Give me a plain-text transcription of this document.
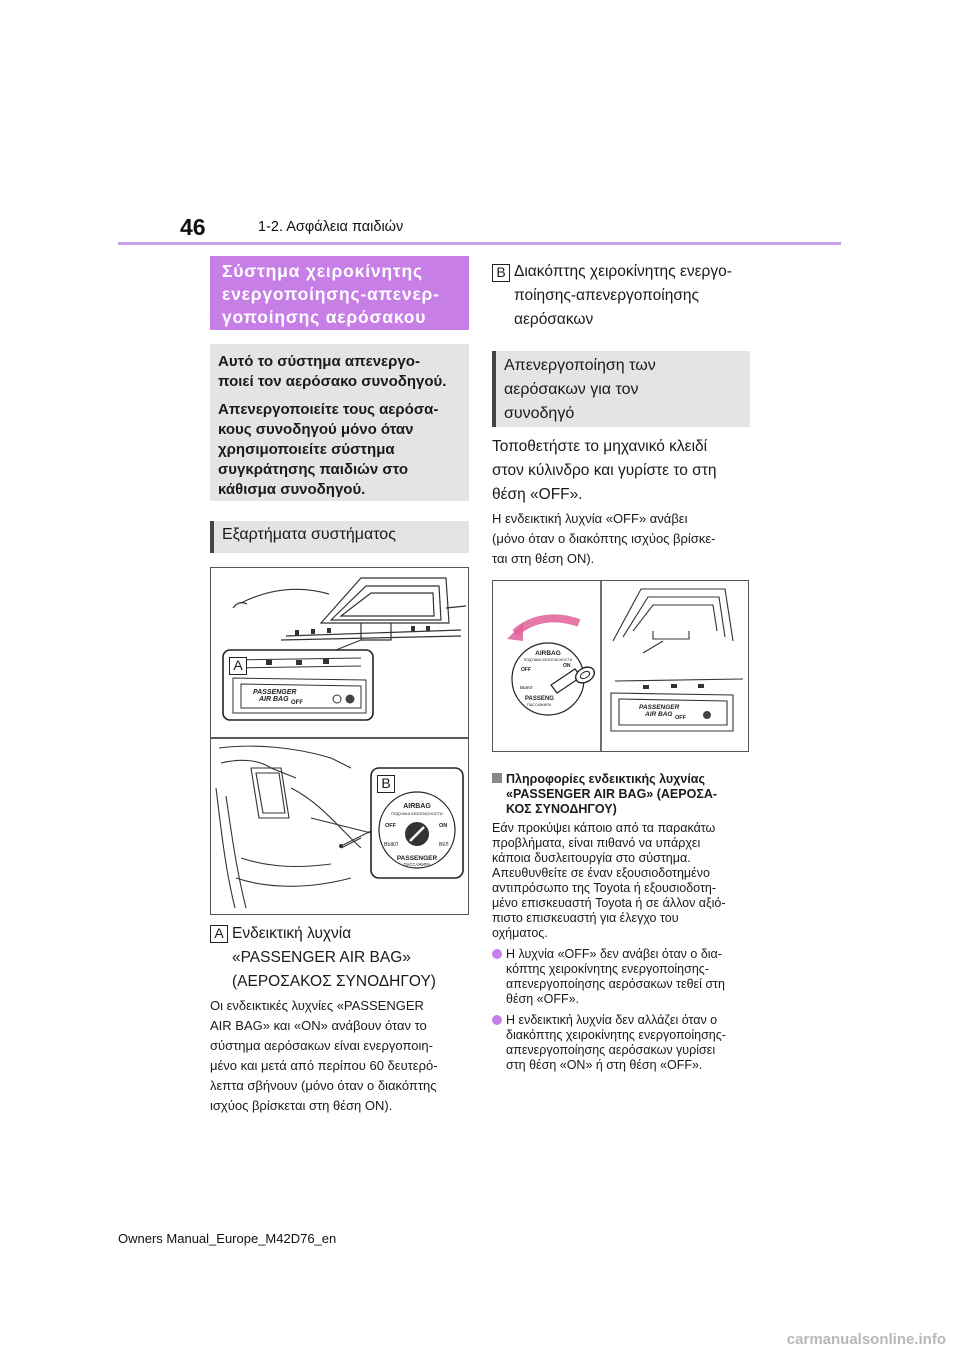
46	1-2. Ασφάλεια παιδιών
Σύστημα χειροκίνητης
ενεργοποίησης-απενερ-
γοποίησης αερόσακου

Αυτό το σύστημα απενεργο-
ποιεί τον αερόσακο συνοδηγού.

Απενεργοποιείτε τους αερόσα-
κους συνοδηγού μόνο όταν
χρησιμοποιείτε σύστημα
συγκράτησης παιδιών στο
κάθισμα συνοδηγού.

Εξαρτήματα συστήματος
PASSENGER
AIR BAG OFF
AIRBAG
ПОДУШКА БЕЗОПАСНОСТИ
OFF	ON
ВЫКЛ	ВКЛ
PASSENGER
ПАССАЖИРА
A
B
A Ενδεικτική λυχνία
«PASSENGER AIR BAG»
(ΑΕΡΟΣΑΚΟΣ ΣΥΝΟΔΗΓΟΥ)
Οι ενδεικτικές λυχνίες «PASSENGER
AIR BAG» και «ON» ανάβουν όταν το
σύστημα αερόσακων είναι ενεργοποιη-
μένο και μετά από περίπου 60 δευτερό-
λεπτα σβήνουν (μόνο όταν ο διακόπτης
ισχύος βρίσκεται στη θέση ON).
B Διακόπτης χειροκίνητης ενεργο-
ποίησης-απενεργοποίησης
αερόσακων
Απενεργοποίηση των
αερόσακων για τον
συνοδηγό
Τοποθετήστε το μηχανικό κλειδί
στον κύλινδρο και γυρίστε το στη
θέση «OFF».
Η ενδεικτική λυχνία «OFF» ανάβει
(μόνο όταν ο διακόπτης ισχύος βρίσκε-
ται στη θέση ON).
AIRBAG
ПОДУШКА БЕЗОПАСНОСТИ
OFF
ON
ВЫКЛ
PASSENG
ПАССАЖИРА	PASSENGER
AIR BAG OFF
Πληροφορίες ενδεικτικής λυχνίας
«PASSENGER AIR BAG» (ΑΕΡΟΣΑ-
ΚΟΣ ΣΥΝΟΔΗΓΟΥ)
Εάν προκύψει κάποιο από τα παρακάτω
προβλήματα, είναι πιθανό να υπάρχει
κάποια δυσλειτουργία στο σύστημα.
Απευθυνθείτε σε έναν εξουσιοδοτημένο
αντιπρόσωπο της Toyota ή εξουσιοδοτη-
μένο επισκευαστή Toyota ή σε άλλον αξιό-
πιστο επισκευαστή για έλεγχο του
οχήματος.
Η λυχνία «OFF» δεν ανάβει όταν ο δια-
κόπτης χειροκίνητης ενεργοποίησης-
απενεργοποίησης αερόσακων τεθεί στη
θέση «OFF».
Η ενδεικτική λυχνία δεν αλλάζει όταν ο
διακόπτης χειροκίνητης ενεργοποίησης-
απενεργοποίησης αερόσακων γυρίσει
στη θέση «ON» ή στη θέση «OFF».
Owners Manual_Europe_M42D76_en
carmanualsonline.info
